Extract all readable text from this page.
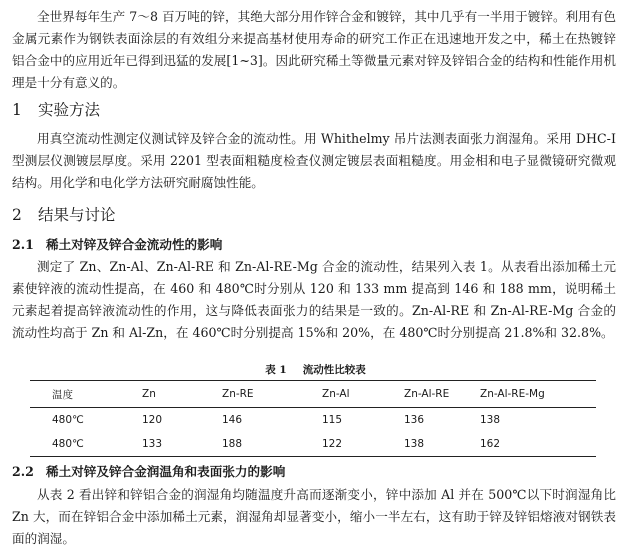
全世界每年生产 7～8 百万吨的锌，其绝大部分用作锌合金和镀锌，其中几乎有一半用于镀锌。利用有色金属元素作为钢铁表面涂层的有效组分来提高基材使用寿命的研究工作正在迅速地开发之中，稀土在热镀锌铝合金中的应用近年已得到迅猛的发展[1~3]。因此研究稀土等微量元素对锌及锌铝合金的结构和性能作用机理是十分有意义的。

1 实验方法

用真空流动性测定仪测试锌及锌合金的流动性。用 Whithelmy 吊片法测表面张力润湿角。采用 DHC-Ⅰ型测层仪测镀层厚度。采用 2201 型表面粗糙度检查仪测定镀层表面粗糙度。用金相和电子显微镜研究微观结构。用化学和电化学方法研究耐腐蚀性能。

2 结果与讨论
2.1 稀土对锌及锌合金流动性的影响

测定了 Zn、Zn-Al、Zn-Al-RE 和 Zn-Al-RE-Mg 合金的流动性，结果列入表 1。从表看出添加稀土元素使锌液的流动性提高，在 460 和 480℃时分别从 120 和 133 mm 提高到 146 和 188 mm，说明稀土元素起着提高锌液流动性的作用，这与降低表面张力的结果是一致的。Zn-Al-RE 和 Zn-Al-RE-Mg 合金的流动性均高于 Zn 和 Al-Zn，在 460℃时分别提高 15%和 20%，在 480℃时分别提高 21.8%和 32.8%。

表 1 流动性比较表
温度	Zn	Zn-RE	Zn-Al	Zn-Al-RE	Zn-Al-RE-Mg
480℃	120	146	115	136	138
480℃	133	188	122	138	162
2.2 稀土对锌及锌合金润温角和表面张力的影响

从表 2 看出锌和锌铝合金的润湿角均随温度升高而逐渐变小，锌中添加 Al 并在 500℃以下时润湿角比 Zn 大，而在锌铝合金中添加稀土元素，润湿角却显著变小，缩小一半左右，这有助于锌及锌铝熔液对钢铁表面的润湿。
